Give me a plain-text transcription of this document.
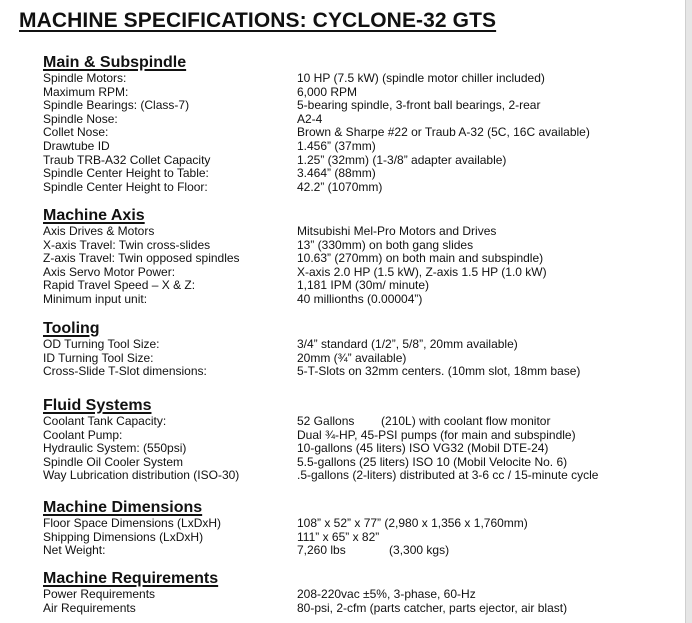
MACHINE SPECIFICATIONS: CYCLONE-32 GTS
Main & Subspindle
Spindle Motors:	10 HP (7.5 kW) (spindle motor chiller included)
Maximum RPM:	6,000 RPM
Spindle Bearings: (Class-7)	5-bearing spindle, 3-front ball bearings, 2-rear
Spindle Nose:	A2-4
Collet Nose:	Brown & Sharpe #22 or Traub A-32 (5C, 16C available)
Drawtube ID	1.456” (37mm)
Traub TRB-A32 Collet Capacity	1.25” (32mm) (1-3/8” adapter available)
Spindle Center Height to Table:	3.464” (88mm)
Spindle Center Height to Floor:	42.2” (1070mm)
Machine Axis
Axis Drives & Motors	Mitsubishi Mel-Pro Motors and Drives
X-axis Travel: Twin cross-slides	13” (330mm) on both gang slides
Z-axis Travel: Twin opposed spindles	10.63” (270mm) on both main and subspindle)
Axis Servo Motor Power:	X-axis 2.0 HP (1.5 kW), Z-axis 1.5 HP (1.0 kW)
Rapid Travel Speed – X & Z:	1,181 IPM (30m/ minute)
Minimum input unit:	40 millionths (0.00004”)
Tooling
OD Turning Tool Size:	3/4” standard (1/2”, 5/8”, 20mm available)
ID Turning Tool Size:	20mm (¾” available)
Cross-Slide T-Slot dimensions:	5-T-Slots on 32mm centers. (10mm slot, 18mm base)
Fluid Systems
Coolant Tank Capacity:	52 Gallons        (210L) with coolant flow monitor
Coolant Pump:	Dual ¾-HP, 45-PSI pumps (for main and subspindle)
Hydraulic System: (550psi)	10-gallons (45 liters) ISO VG32 (Mobil DTE-24)
Spindle Oil Cooler System	5.5-gallons (25 liters) ISO 10 (Mobil Velocite No. 6)
Way Lubrication distribution (ISO-30)	.5-gallons (2-liters) distributed at 3-6 cc / 15-minute cycle
Machine Dimensions
Floor Space Dimensions (LxDxH)	108” x 52” x 77” (2,980 x 1,356 x 1,760mm)
Shipping Dimensions (LxDxH)	111” x 65” x 82”
Net Weight:	7,260 lbs             (3,300 kgs)
Machine Requirements
Power Requirements	208-220vac ±5%, 3-phase, 60-Hz
Air Requirements	80-psi, 2-cfm (parts catcher, parts ejector, air blast)
